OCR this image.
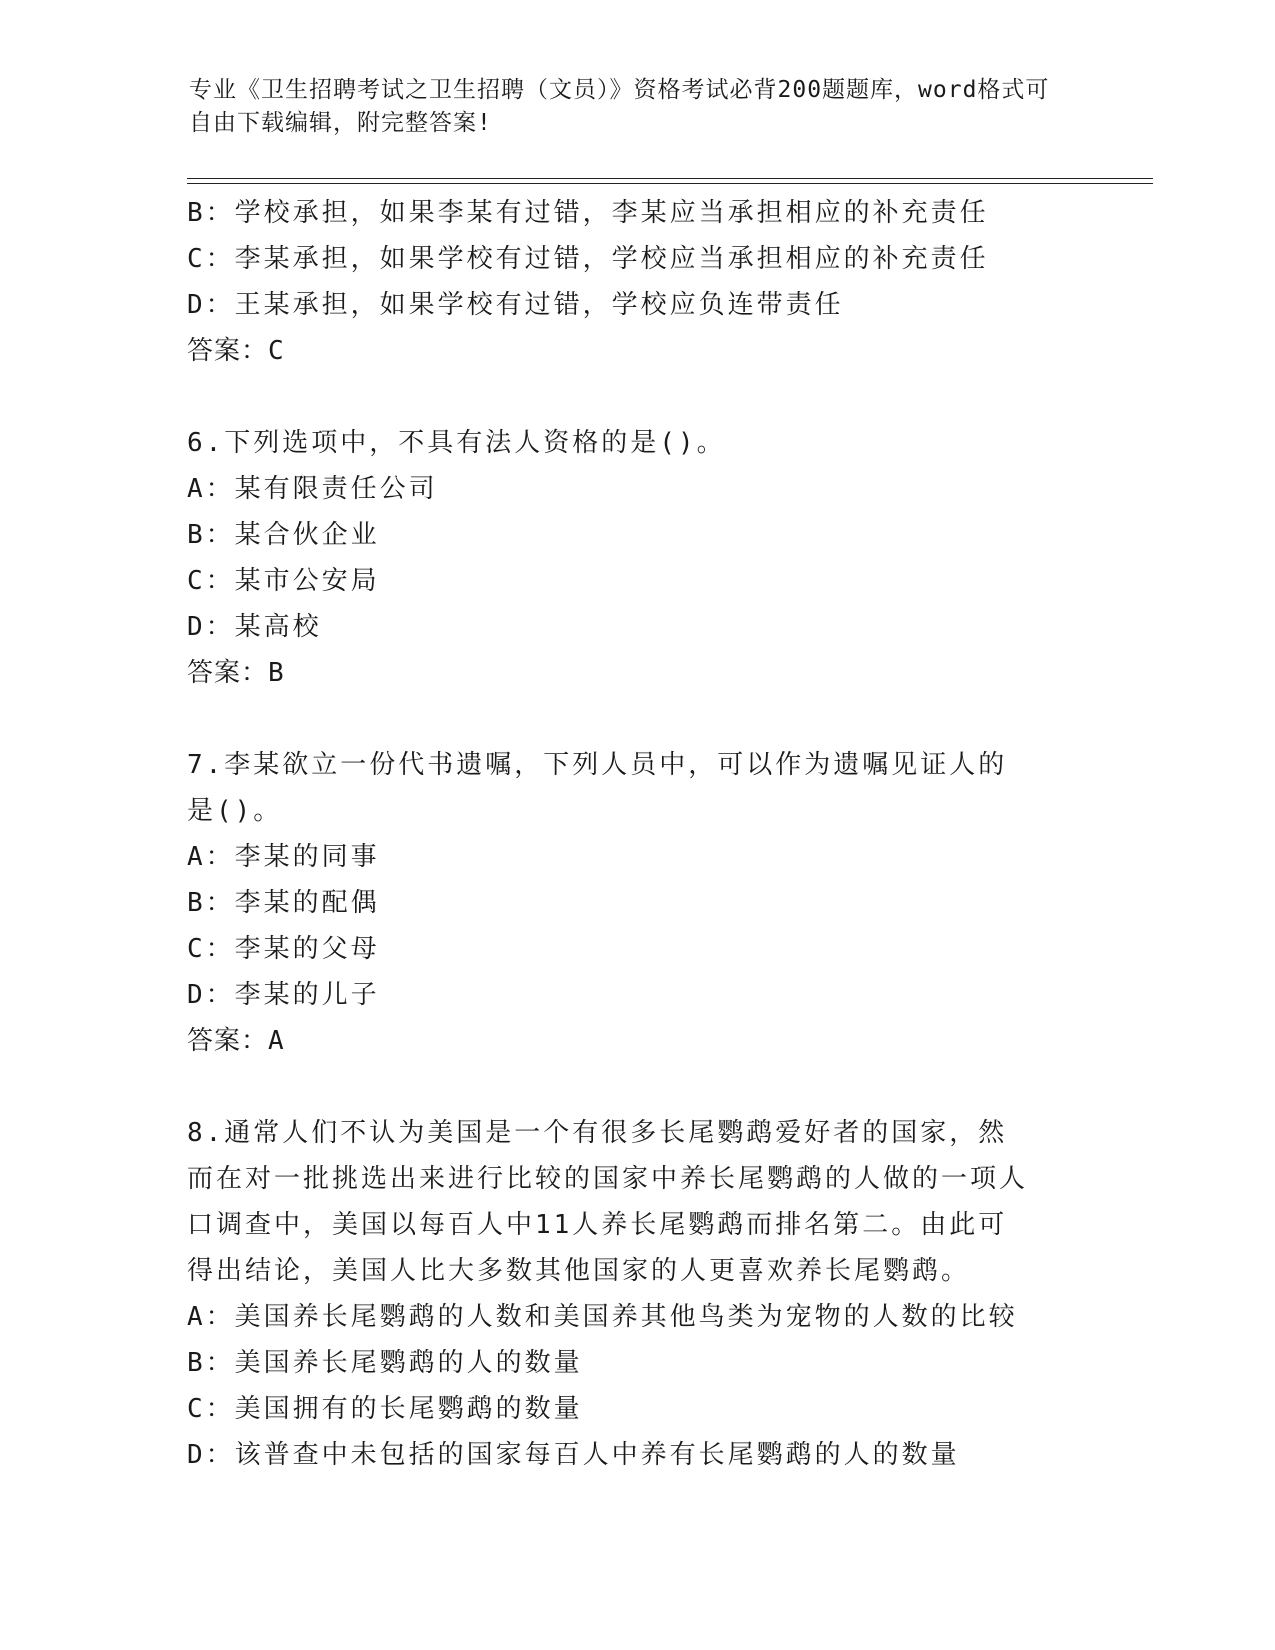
专业《卫生招聘考试之卫生招聘（文员）》资格考试必背200题题库，word格式可自由下载编辑，附完整答案!
B：学校承担，如果李某有过错，李某应当承担相应的补充责任
C：李某承担，如果学校有过错，学校应当承担相应的补充责任
D：王某承担，如果学校有过错，学校应负连带责任
答案：C
6.下列选项中，不具有法人资格的是()。
A：某有限责任公司
B：某合伙企业
C：某市公安局
D：某高校
答案：B
7.李某欲立一份代书遗嘱，下列人员中，可以作为遗嘱见证人的是()。
A：李某的同事
B：李某的配偶
C：李某的父母
D：李某的儿子
答案：A
8.通常人们不认为美国是一个有很多长尾鹦鹉爱好者的国家，然而在对一批挑选出来进行比较的国家中养长尾鹦鹉的人做的一项人口调查中，美国以每百人中11人养长尾鹦鹉而排名第二。由此可得出结论，美国人比大多数其他国家的人更喜欢养长尾鹦鹉。
A：美国养长尾鹦鹉的人数和美国养其他鸟类为宠物的人数的比较
B：美国养长尾鹦鹉的人的数量
C：美国拥有的长尾鹦鹉的数量
D：该普查中未包括的国家每百人中养有长尾鹦鹉的人的数量
